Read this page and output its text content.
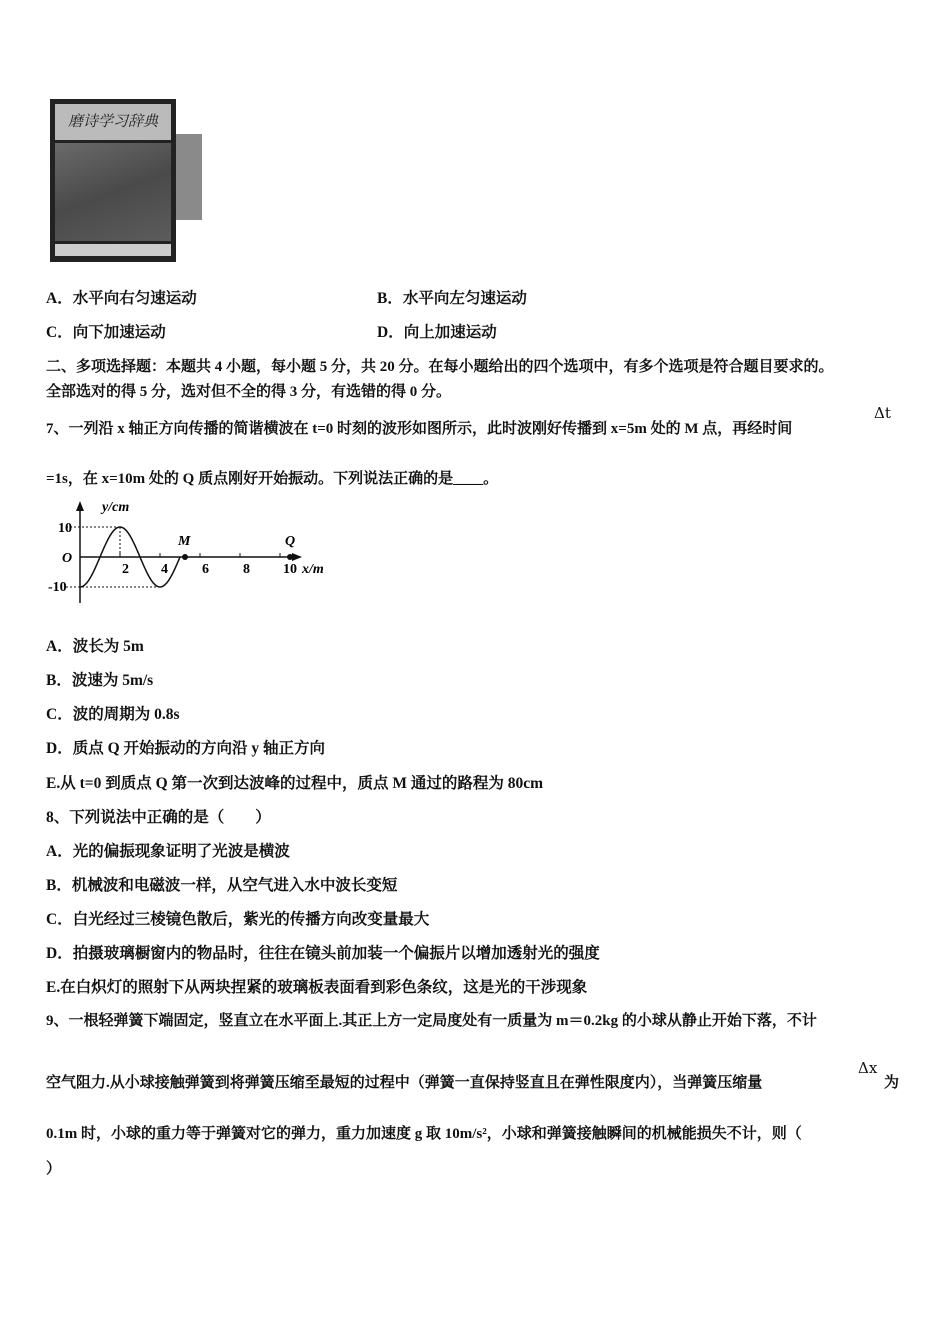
磨诗学习辞典
A．水平向右匀速运动	B．水平向左匀速运动
C．向下加速运动	D．向上加速运动
二、多项选择题：本题共 4 小题，每小题 5 分，共 20 分。在每小题给出的四个选项中，有多个选项是符合题目要求的。
全部选对的得 5 分，选对但不全的得 3 分，有选错的得 0 分。
7、一列沿 x 轴正方向传播的简谐横波在 t=0 时刻的波形如图所示，此时波刚好传播到 x=5m 处的 M 点，再经时间
Δt
=1s，在 x=10m 处的 Q 质点刚好开始振动。下列说法正确的是____。
y/cm
O
10
-10
2 4 6 8 10 x/m
M	Q
A．波长为 5m
B．波速为 5m/s
C．波的周期为 0.8s
D．质点 Q 开始振动的方向沿 y 轴正方向
E.从 t=0 到质点 Q 第一次到达波峰的过程中，质点 M 通过的路程为 80cm
8、下列说法中正确的是（　　）
A．光的偏振现象证明了光波是横波
B．机械波和电磁波一样，从空气进入水中波长变短
C．白光经过三棱镜色散后，紫光的传播方向改变量最大
D．拍摄玻璃橱窗内的物品时，往往在镜头前加装一个偏振片以增加透射光的强度
E.在白炽灯的照射下从两块捏紧的玻璃板表面看到彩色条纹，这是光的干涉现象
9、一根轻弹簧下端固定，竖直立在水平面上.其正上方一定局度处有一质量为 m＝0.2kg 的小球从静止开始下落，不计
空气阻力.从小球接触弹簧到将弹簧压缩至最短的过程中（弹簧一直保持竖直且在弹性限度内），当弹簧压缩量
Δx
为
0.1m 时，小球的重力等于弹簧对它的弹力，重力加速度 g 取 10m/s²，小球和弹簧接触瞬间的机械能损失不计，则（
）
